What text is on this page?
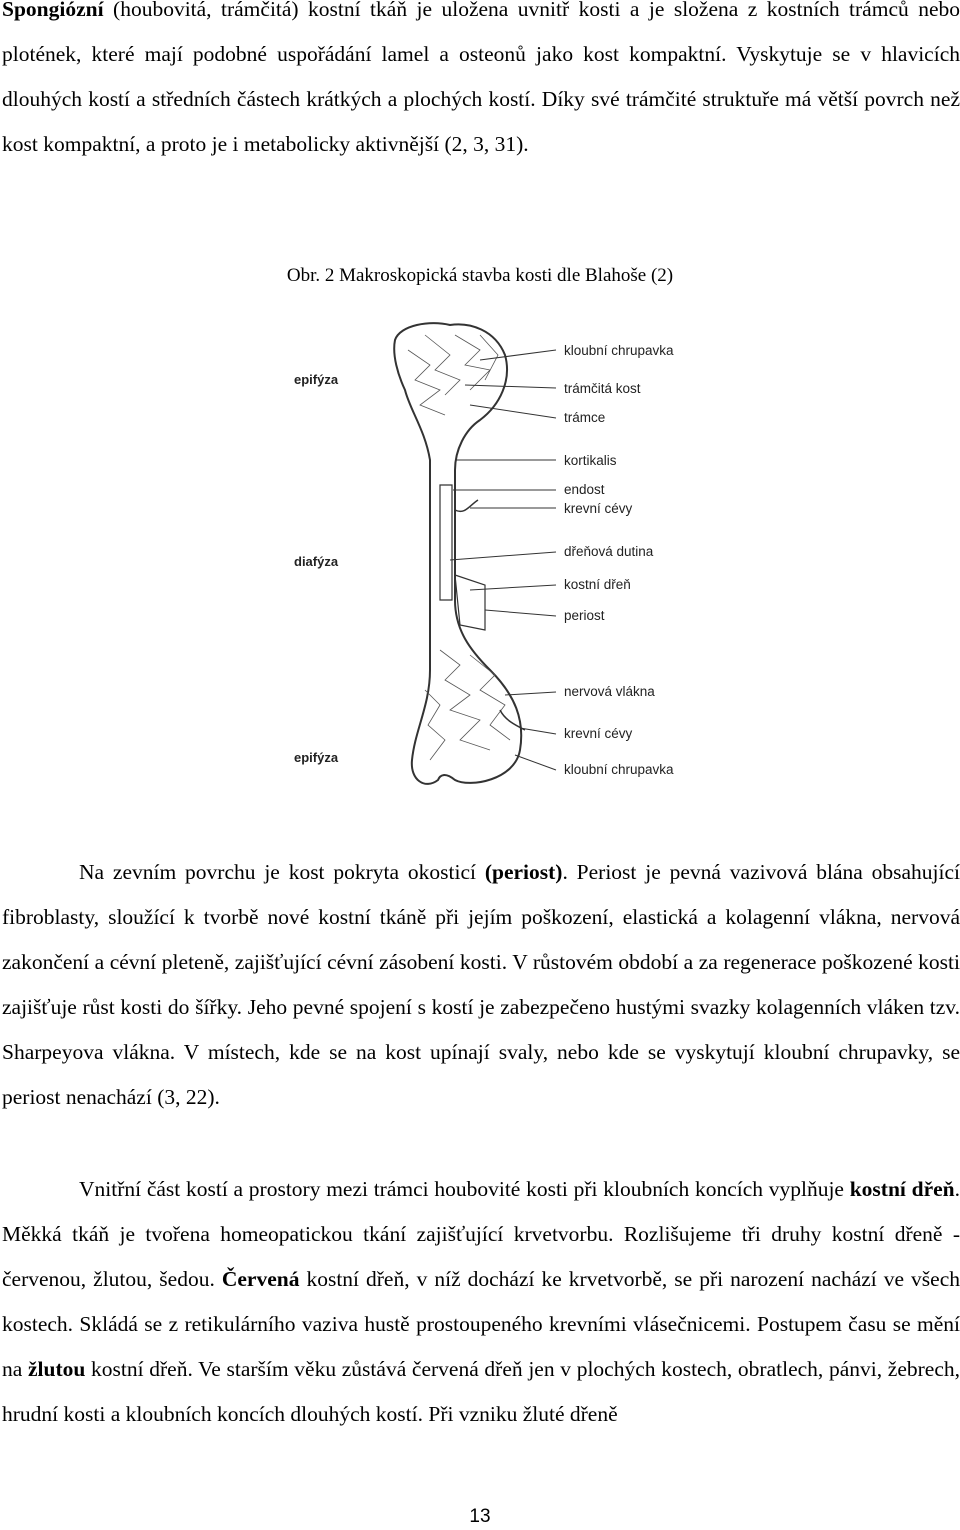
Spongiózní (houbovitá, trámčitá) kostní tkáň je uložena uvnitř kosti a je složena z kostních trámců nebo plotének, které mají podobné uspořádání lamel a osteonů jako kost kompaktní. Vyskytuje se v hlavicích dlouhých kostí a středních částech krátkých a plochých kostí. Díky své trámčité struktuře má větší povrch než kost kompaktní, a proto je i metabolicky aktivnější (2, 3, 31).

Obr. 2 Makroskopická stavba kosti dle Blahoše (2)

epifýza
diafýza
epifýza
kloubní chrupavka
trámčitá kost
trámce
kortikalis
endost
krevní cévy
dřeňová dutina
kostní dřeň
periost
nervová vlákna
krevní cévy
kloubní chrupavka

Na zevním povrchu je kost pokryta okosticí (periost). Periost je pevná vazivová blána obsahující fibroblasty, sloužící k tvorbě nové kostní tkáně při jejím poškození, elastická a kolagenní vlákna, nervová zakončení a cévní pleteně, zajišťující cévní zásobení kosti. V růstovém období a za regenerace poškozené kosti zajišťuje růst kosti do šířky. Jeho pevné spojení s kostí je zabezpečeno hustými svazky kolagenních vláken tzv. Sharpeyova vlákna. V místech, kde se na kost upínají svaly, nebo kde se vyskytují kloubní chrupavky, se periost nenachází (3, 22).

Vnitřní část kostí a prostory mezi trámci houbovité kosti při kloubních koncích vyplňuje kostní dřeň. Měkká tkáň je tvořena homeopatickou tkání zajišťující krvetvorbu. Rozlišujeme tři druhy kostní dřeně - červenou, žlutou, šedou. Červená kostní dřeň, v níž dochází ke krvetvorbě, se při narození nachází ve všech kostech. Skládá se z retikulárního vaziva hustě prostoupeného krevními vlásečnicemi. Postupem času se mění na žlutou kostní dřeň. Ve starším věku zůstává červená dřeň jen v plochých kostech, obratlech, pánvi, žebrech, hrudní kosti a kloubních koncích dlouhých kostí. Při vzniku žluté dřeně

13
